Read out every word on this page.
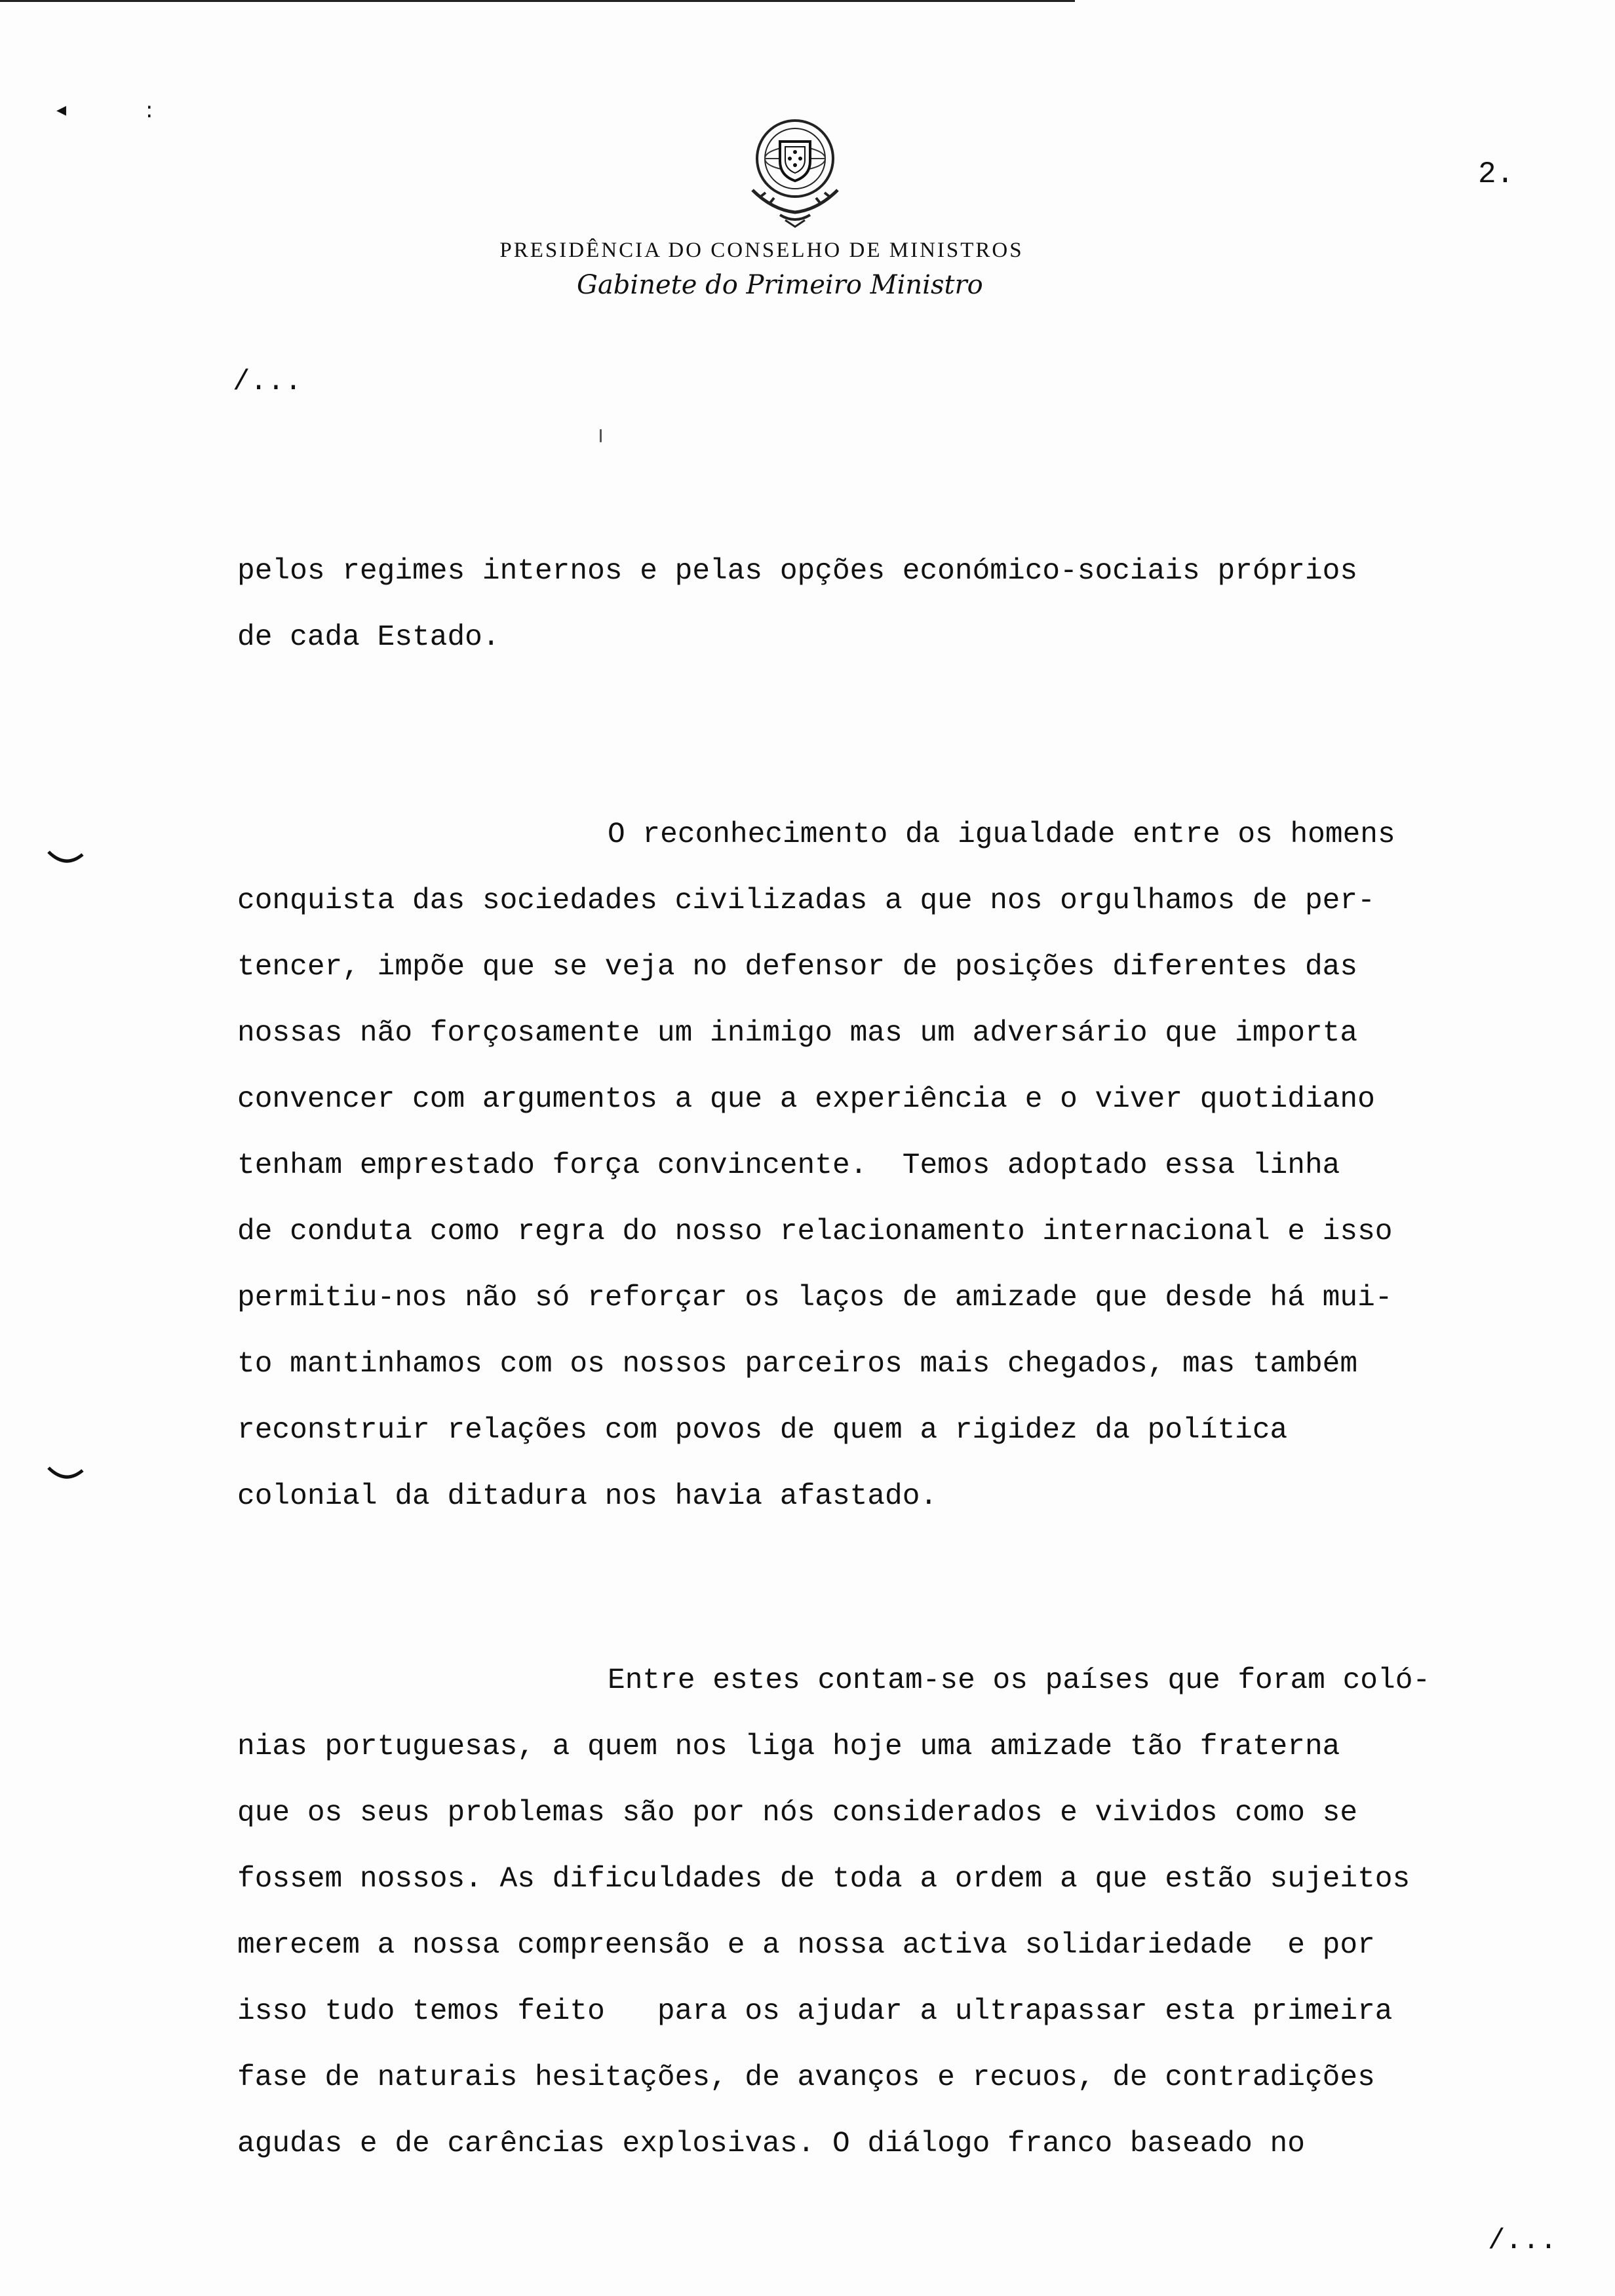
◂	:
2.
PRESIDÊNCIA DO CONSELHO DE MINISTROS
Gabinete do Primeiro Ministro
/...
pelos regimes internos e pelas opções económico-sociais próprios
de cada Estado.
O reconhecimento da igualdade entre os homens
conquista das sociedades civilizadas a que nos orgulhamos de per-
tencer, impõe que se veja no defensor de posições diferentes das
nossas não forçosamente um inimigo mas um adversário que importa
convencer com argumentos a que a experiência e o viver quotidiano
tenham emprestado força convincente.  Temos adoptado essa linha
de conduta como regra do nosso relacionamento internacional e isso
permitiu-nos não só reforçar os laços de amizade que desde há mui-
to mantinhamos com os nossos parceiros mais chegados, mas também
reconstruir relações com povos de quem a rigidez da política
colonial da ditadura nos havia afastado.
Entre estes contam-se os países que foram coló-
nias portuguesas, a quem nos liga hoje uma amizade tão fraterna
que os seus problemas são por nós considerados e vividos como se
fossem nossos. As dificuldades de toda a ordem a que estão sujeitos
merecem a nossa compreensão e a nossa activa solidariedade  e por
isso tudo temos feito   para os ajudar a ultrapassar esta primeira
fase de naturais hesitações, de avanços e recuos, de contradições
agudas e de carências explosivas. O diálogo franco baseado no
/...
